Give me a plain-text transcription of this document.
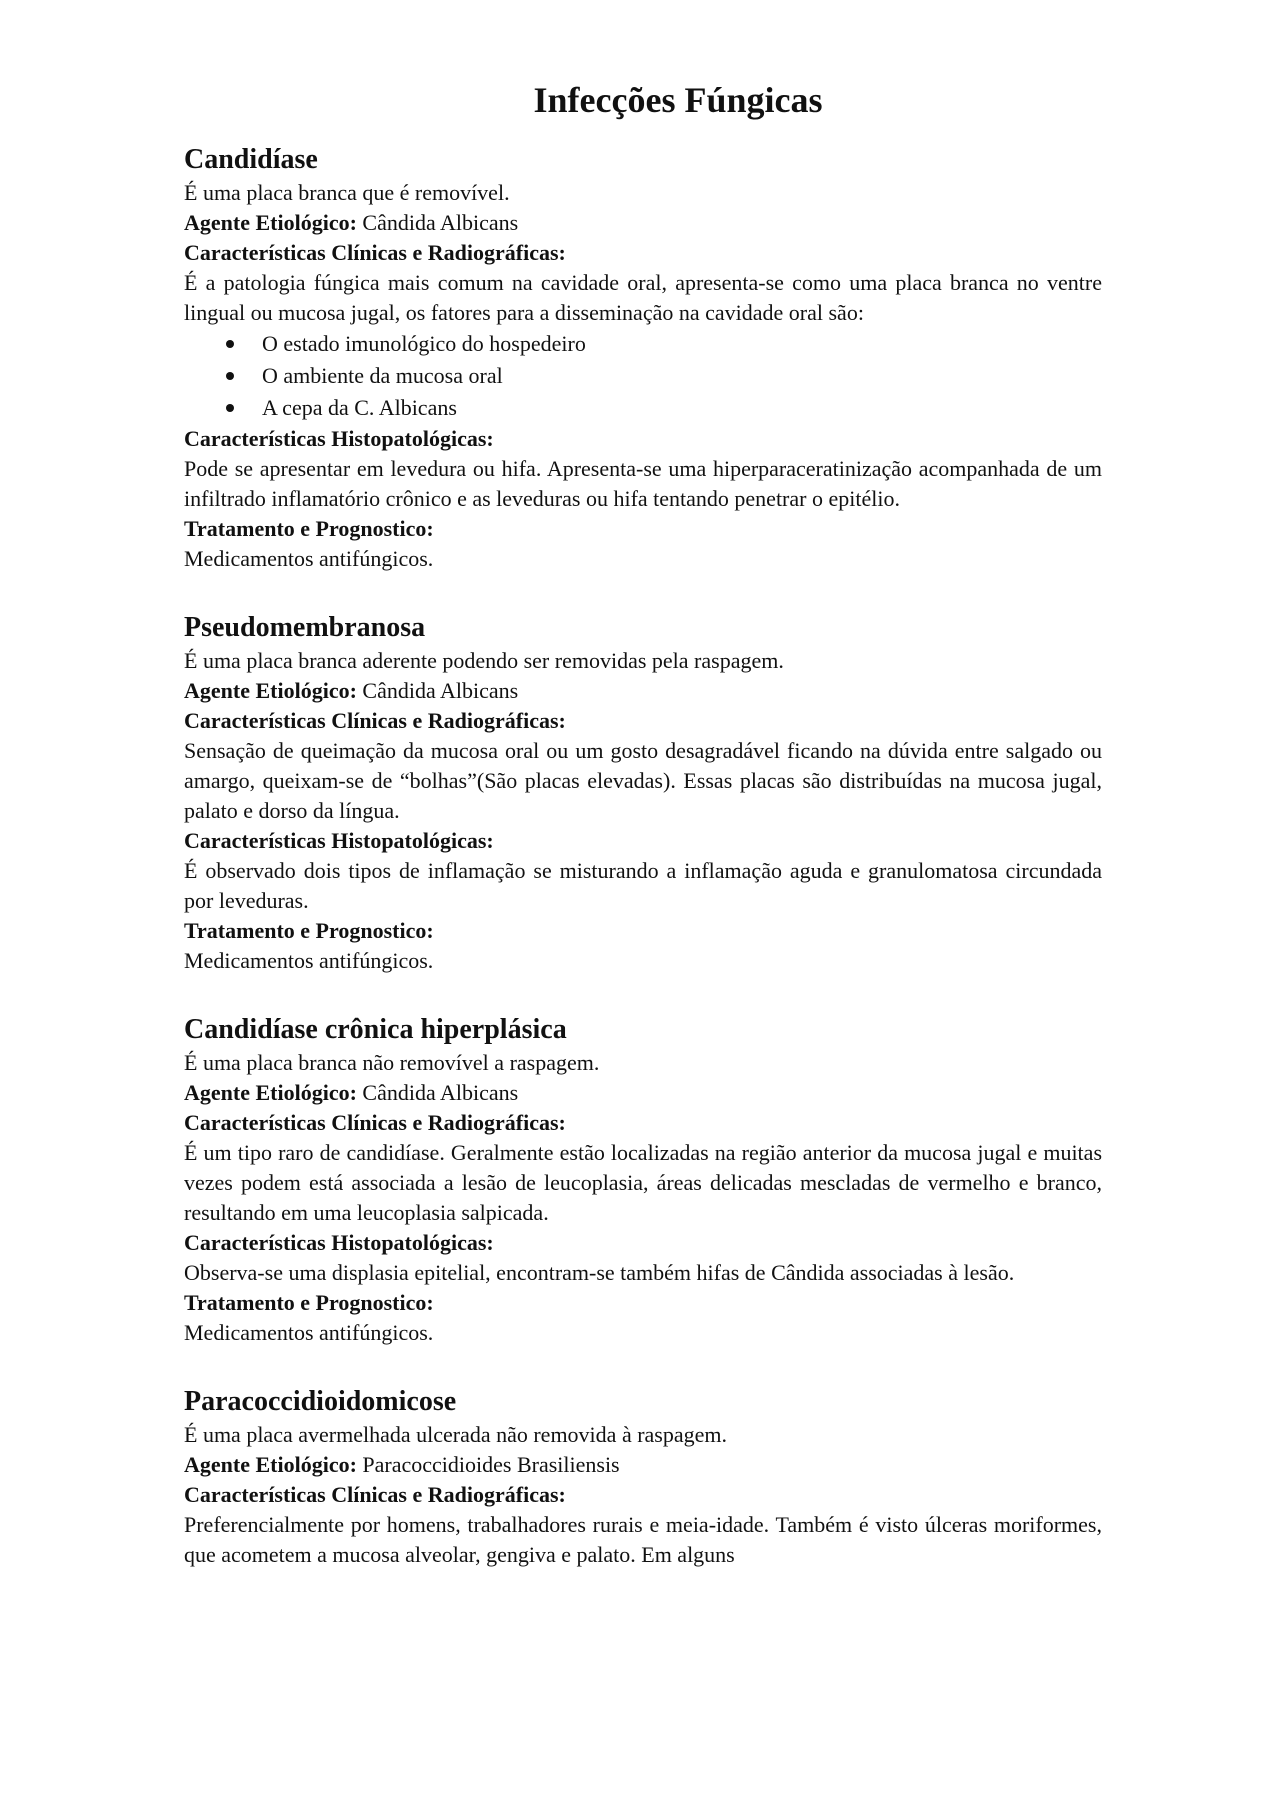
Infecções Fúngicas
Candidíase

É uma placa branca que é removível.

Agente Etiológico: Cândida Albicans

Características Clínicas e Radiográficas:

É a patologia fúngica mais comum na cavidade oral, apresenta-se como uma placa branca no ventre lingual ou mucosa jugal, os fatores para a disseminação na cavidade oral são:

O estado imunológico do hospedeiro
O ambiente da mucosa oral
A cepa da C. Albicans

Características Histopatológicas:

Pode se apresentar em levedura ou hifa. Apresenta-se uma hiperparaceratinização acompanhada de um infiltrado inflamatório crônico e as leveduras ou hifa tentando penetrar o epitélio.

Tratamento e Prognostico:

Medicamentos antifúngicos.

Pseudomembranosa

É uma placa branca aderente podendo ser removidas pela raspagem.

Agente Etiológico: Cândida Albicans

Características Clínicas e Radiográficas:

Sensação de queimação da mucosa oral ou um gosto desagradável ficando na dúvida entre salgado ou amargo, queixam-se de “bolhas”(São placas elevadas). Essas placas são distribuídas na mucosa jugal, palato e dorso da língua.

Características Histopatológicas:

É observado dois tipos de inflamação se misturando a inflamação aguda e granulomatosa circundada por leveduras.

Tratamento e Prognostico:

Medicamentos antifúngicos.

Candidíase crônica hiperplásica

É uma placa branca não removível a raspagem.

Agente Etiológico: Cândida Albicans

Características Clínicas e Radiográficas:

É um tipo raro de candidíase. Geralmente estão localizadas na região anterior da mucosa jugal e muitas vezes podem está associada a lesão de leucoplasia, áreas delicadas mescladas de vermelho e branco, resultando em uma leucoplasia salpicada.

Características Histopatológicas:

Observa-se uma displasia epitelial, encontram-se também hifas de Cândida associadas à lesão.

Tratamento e Prognostico:

Medicamentos antifúngicos.

Paracoccidioidomicose

É uma placa avermelhada ulcerada não removida à raspagem.

Agente Etiológico: Paracoccidioides Brasiliensis

Características Clínicas e Radiográficas:

Preferencialmente por homens, trabalhadores rurais e meia-idade. Também é visto úlceras moriformes, que acometem a mucosa alveolar, gengiva e palato. Em alguns
